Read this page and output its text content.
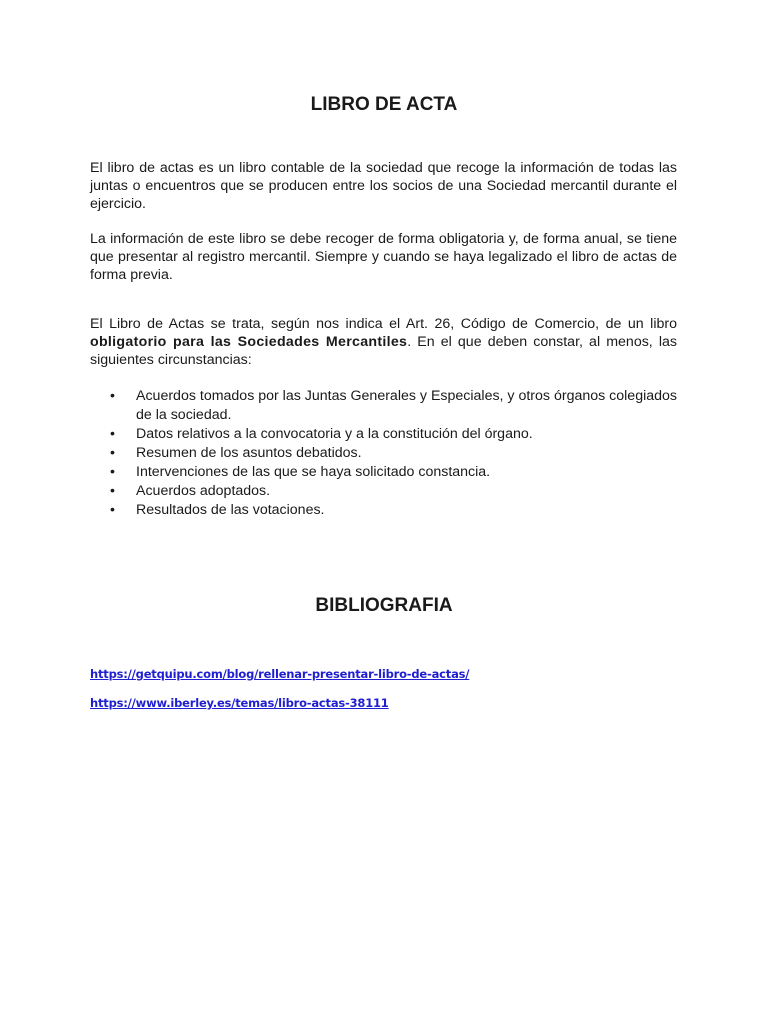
LIBRO DE ACTA

El libro de actas es un libro contable de la sociedad que recoge la información de todas las juntas o encuentros que se producen entre los socios de una Sociedad mercantil durante el ejercicio.

La información de este libro se debe recoger de forma obligatoria y, de forma anual, se tiene que presentar al registro mercantil. Siempre y cuando se haya legalizado el libro de actas de forma previa.

El Libro de Actas se trata, según nos indica el Art. 26, Código de Comercio, de un libro obligatorio para las Sociedades Mercantiles. En el que deben constar, al menos, las siguientes circunstancias:

• Acuerdos tomados por las Juntas Generales y Especiales, y otros órganos colegiados de la sociedad.
• Datos relativos a la convocatoria y a la constitución del órgano.
• Resumen de los asuntos debatidos.
• Intervenciones de las que se haya solicitado constancia.
• Acuerdos adoptados.
• Resultados de las votaciones.
BIBLIOGRAFIA
https://getquipu.com/blog/rellenar-presentar-libro-de-actas/
https://www.iberley.es/temas/libro-actas-38111
